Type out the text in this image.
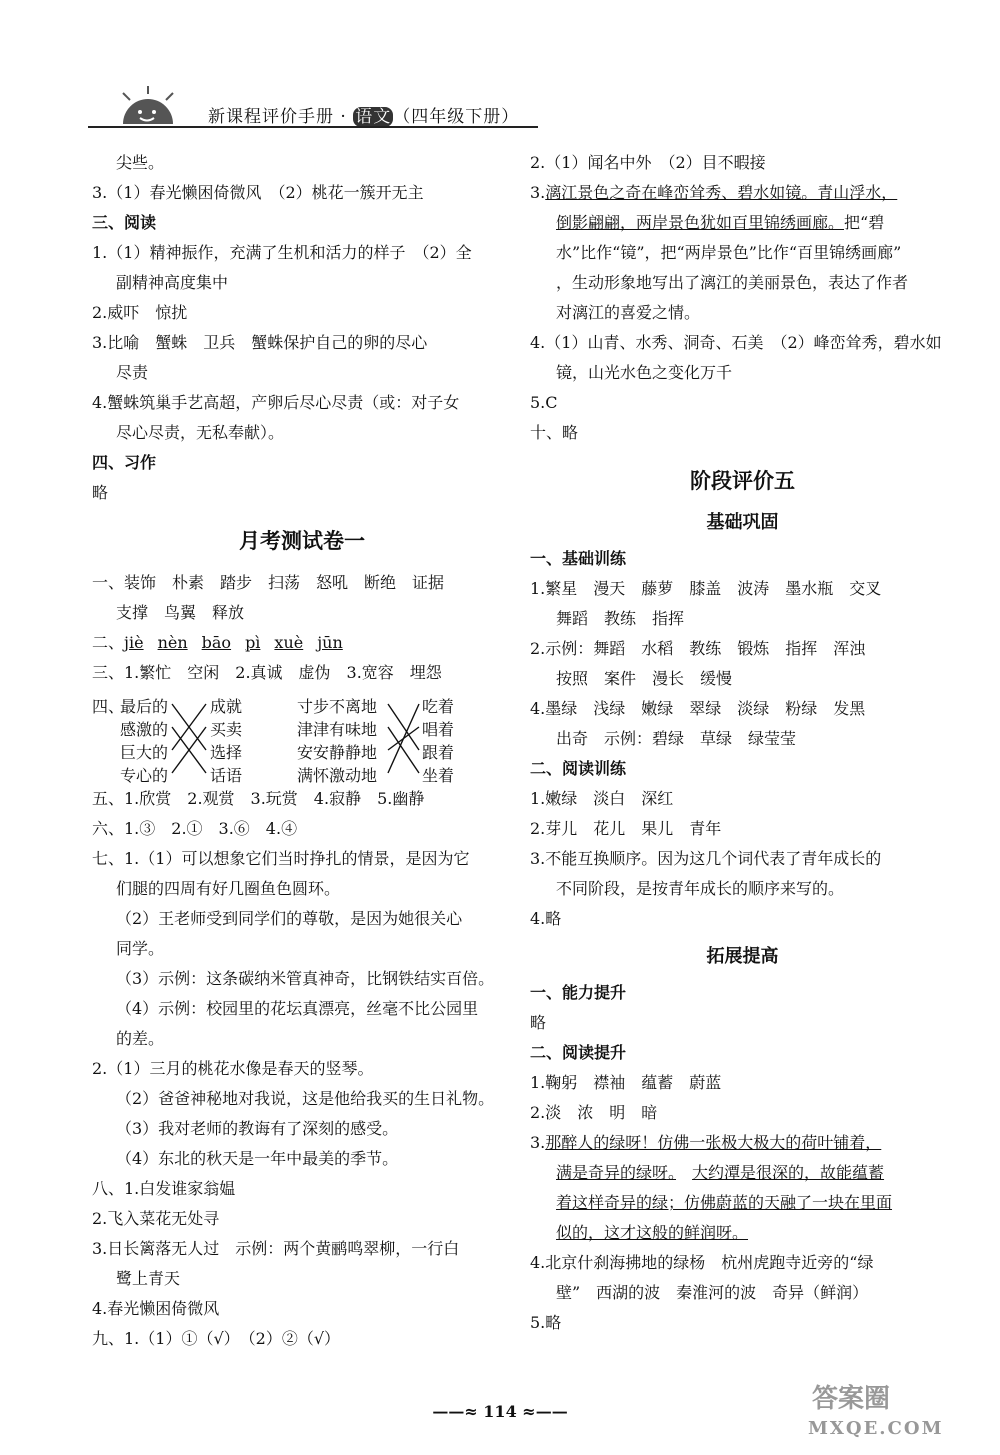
新课程评价手册 · 语文 （四年级下册）
尖些。
3.（1）春光懒困倚微风　（2）桃花一簇开无主
三、阅读
1.（1）精神振作，充满了生机和活力的样子　（2）全
副精神高度集中
2.威吓　惊扰
3.比喻　蟹蛛　卫兵　蟹蛛保护自己的卵的尽心
尽责
4.蟹蛛筑巢手艺高超，产卵后尽心尽责（或：对子女
尽心尽责，无私奉献）。
四、习作
略
月考测试卷一
一、装饰　朴素　踏步　扫荡　怒吼　断绝　证据
支撑　鸟翼　释放
二、jiè nèn bāo pì xuè jūn
三、1.繁忙　空闲　2.真诚　虚伪　3.宽容　埋怨
四、
最后的
感激的
巨大的
专心的
成就
买卖
选择
话语
寸步不离地
津津有味地
安安静静地
满怀激动地
吃着
唱着
跟着
坐着
五、1.欣赏　2.观赏　3.玩赏　4.寂静　5.幽静
六、1.③　2.①　3.⑥　4.④
七、1.（1）可以想象它们当时挣扎的情景，是因为它
们腿的四周有好几圈鱼色圆环。
（2）王老师受到同学们的尊敬，是因为她很关心
同学。
（3）示例：这条碳纳米管真神奇，比钢铁结实百倍。
（4）示例：校园里的花坛真漂亮，丝毫不比公园里
的差。
2.（1）三月的桃花水像是春天的竖琴。
（2）爸爸神秘地对我说，这是他给我买的生日礼物。
（3）我对老师的教诲有了深刻的感受。
（4）东北的秋天是一年中最美的季节。
八、1.白发谁家翁媪
2.飞入菜花无处寻
3.日长篱落无人过　示例：两个黄鹂鸣翠柳，一行白
鹭上青天
4.春光懒困倚微风
九、1.（1）①（√）　（2）②（√）
2.（1）闻名中外　（2）目不暇接
3.漓江景色之奇在峰峦耸秀、碧水如镜。青山浮水，
倒影翩翩，两岸景色犹如百里锦绣画廊。把“碧
水”比作“镜”，把“两岸景色”比作“百里锦绣画廊”
，生动形象地写出了漓江的美丽景色，表达了作者
对漓江的喜爱之情。
4.（1）山青、水秀、洞奇、石美　（2）峰峦耸秀，碧水如
镜，山光水色之变化万千
5.C
十、略
阶段评价五
基础巩固
一、基础训练
1.繁星　漫天　藤萝　膝盖　波涛　墨水瓶　交叉
舞蹈　教练　指挥
2.示例：舞蹈　水稻　教练　锻炼　指挥　浑浊
按照　案件　漫长　缓慢
4.墨绿　浅绿　嫩绿　翠绿　淡绿　粉绿　发黑
出奇　示例：碧绿　草绿　绿莹莹
二、阅读训练
1.嫩绿　淡白　深红
2.芽儿　花儿　果儿　青年
3.不能互换顺序。因为这几个词代表了青年成长的
不同阶段，是按青年成长的顺序来写的。
4.略
拓展提高
一、能力提升
略
二、阅读提升
1.鞠躬　襟袖　蕴蓄　蔚蓝
2.淡　浓　明　暗
3.那醉人的绿呀！仿佛一张极大极大的荷叶铺着，
满是奇异的绿呀。　 大约潭是很深的，故能蕴蓄
着这样奇异的绿；仿佛蔚蓝的天融了一块在里面
似的，这才这般的鲜润呀。
4.北京什刹海拂地的绿杨　杭州虎跑寺近旁的“绿
壁”　西湖的波　秦淮河的波　奇异（鲜润）
5.略
——≈ 114 ≈——	答案圈
MXQE.COM
